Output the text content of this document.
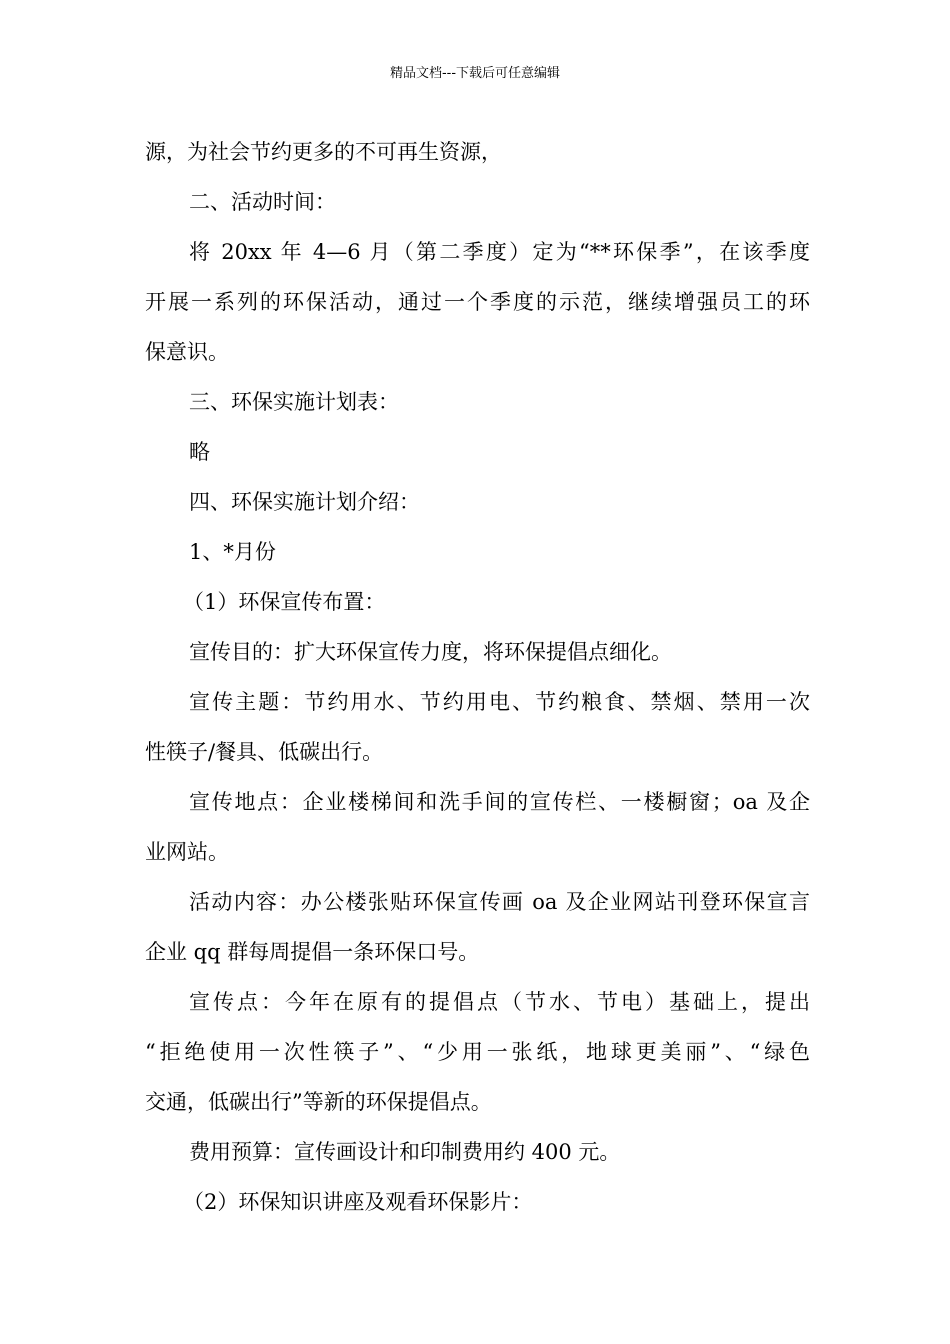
精品文档---下载后可任意编辑
源，为社会节约更多的不可再生资源，
二、活动时间：
将 20xx 年 4—6 月（第二季度）定为“**环保季”，在该季度
开展一系列的环保活动，通过一个季度的示范，继续增强员工的环
保意识。
三、环保实施计划表：
略
四、环保实施计划介绍：
1、*月份
（1）环保宣传布置：
宣传目的：扩大环保宣传力度，将环保提倡点细化。
宣传主题：节约用水、节约用电、节约粮食、禁烟、禁用一次
性筷子/餐具、低碳出行。
宣传地点：企业楼梯间和洗手间的宣传栏、一楼橱窗；oa 及企
业网站。
活动内容：办公楼张贴环保宣传画 oa 及企业网站刊登环保宣言
企业 qq 群每周提倡一条环保口号。
宣传点：今年在原有的提倡点（节水、节电）基础上，提出
“拒绝使用一次性筷子”、“少用一张纸，地球更美丽”、“绿色
交通，低碳出行”等新的环保提倡点。
费用预算：宣传画设计和印制费用约 400 元。
（2）环保知识讲座及观看环保影片：
